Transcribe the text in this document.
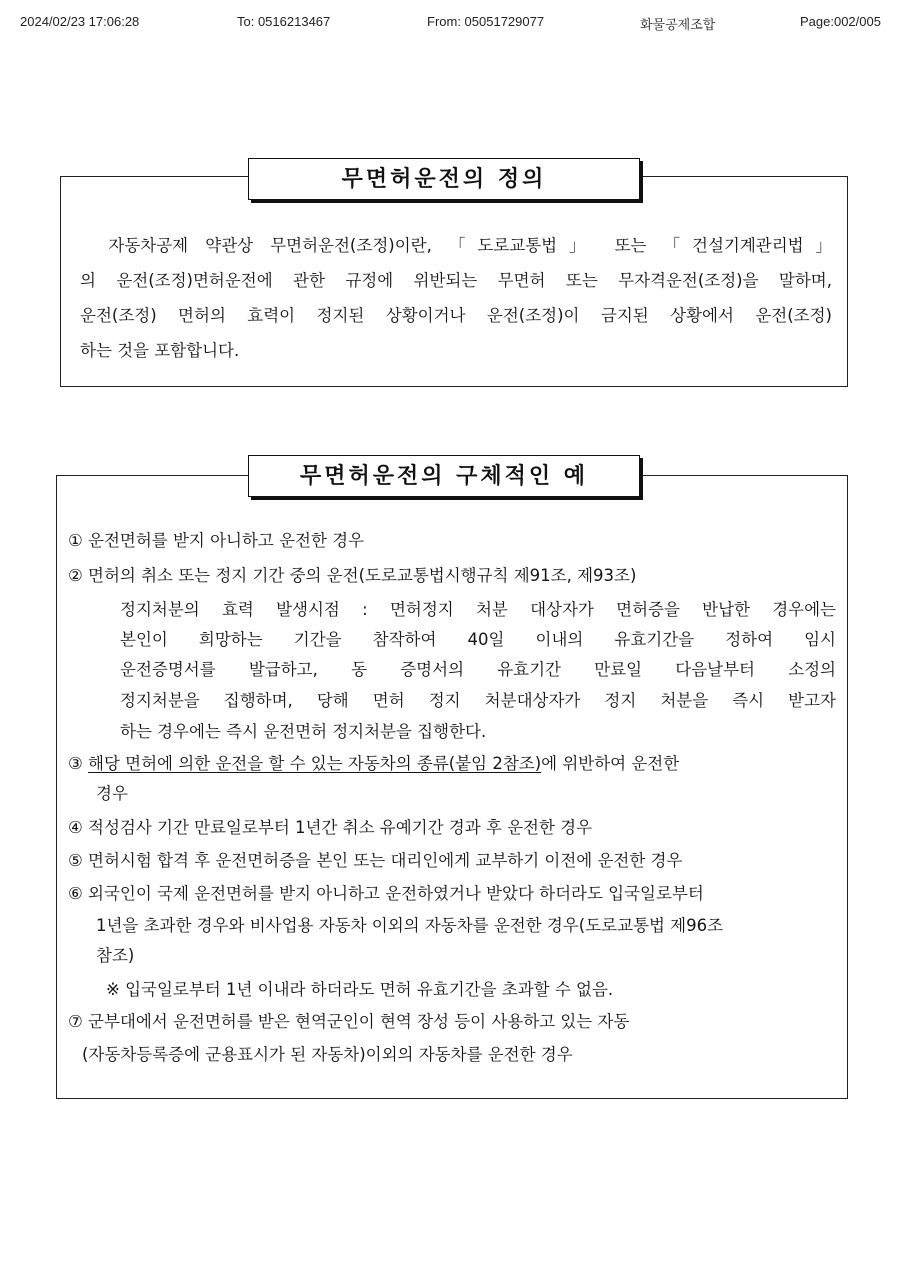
2024/02/23 17:06:28	To: 0516213467	From: 05051729077	화물공제조합	Page:002/005
무면허운전의 정의
　자동차공제 약관상 무면허운전(조정)이란, 「도로교통법」 또는 「건설기계관리법」
의 운전(조정)면허운전에 관한 규정에 위반되는 무면허 또는 무자격운전(조정)을 말하며,
운전(조정) 면허의 효력이 정지된 상황이거나 운전(조정)이 금지된 상황에서 운전(조정)
하는 것을 포함합니다.
무면허운전의 구체적인 예
① 운전면허를 받지 아니하고 운전한 경우
② 면허의 취소 또는 정지 기간 중의 운전(도로교통법시행규칙 제91조, 제93조)
정지처분의 효력 발생시점 : 면허정지 처분 대상자가 면허증을 반납한 경우에는
본인이 희망하는 기간을 참작하여 40일 이내의 유효기간을 정하여 임시
운전증명서를 발급하고, 동 증명서의 유효기간 만료일 다음날부터 소정의
정지처분을 집행하며, 당해 면허 정지 처분대상자가 정지 처분을 즉시 받고자
하는 경우에는 즉시 운전면허 정지처분을 집행한다.
③ 해당 면허에 의한 운전을 할 수 있는 자동차의 종류(붙임 2참조)에 위반하여 운전한
경우
④ 적성검사 기간 만료일로부터 1년간 취소 유예기간 경과 후 운전한 경우
⑤ 면허시험 합격 후 운전면허증을 본인 또는 대리인에게 교부하기 이전에 운전한 경우
⑥ 외국인이 국제 운전면허를 받지 아니하고 운전하였거나 받았다 하더라도 입국일로부터
1년을 초과한 경우와 비사업용 자동차 이외의 자동차를 운전한 경우(도로교통법 제96조
참조)
※ 입국일로부터 1년 이내라 하더라도 면허 유효기간을 초과할 수 없음.
⑦ 군부대에서 운전면허를 받은 현역군인이 현역 장성 등이 사용하고 있는 자동
(자동차등록증에 군용표시가 된 자동차)이외의 자동차를 운전한 경우
